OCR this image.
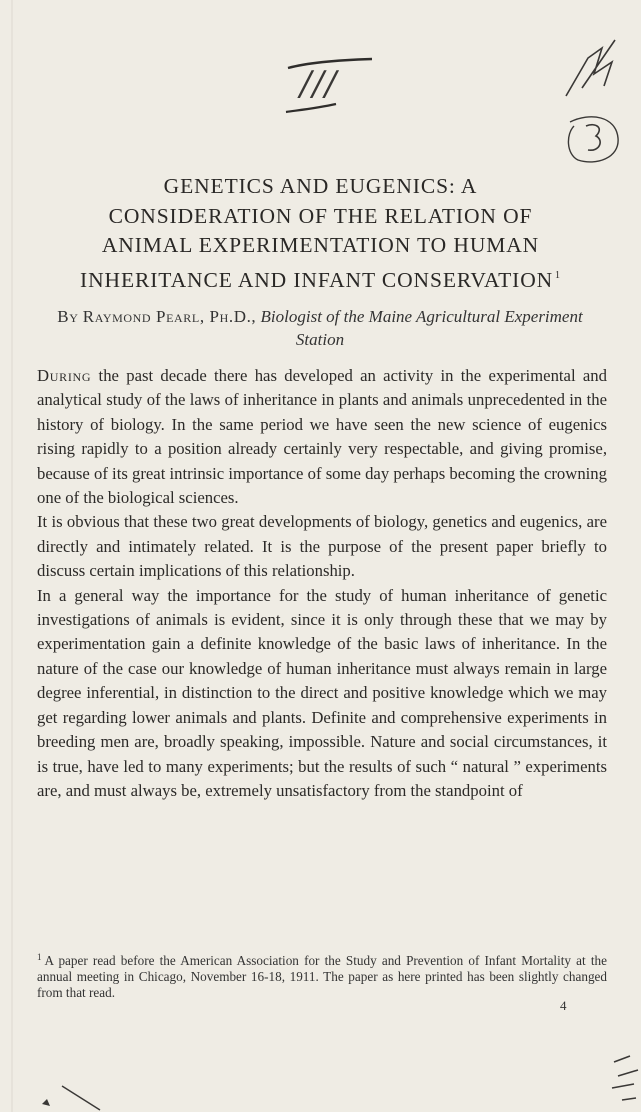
///
GENETICS AND EUGENICS: A
CONSIDERATION OF THE RELATION OF
ANIMAL EXPERIMENTATION TO HUMAN
INHERITANCE AND INFANT CONSERVATION $^1$
By Raymond Pearl, Ph.D., Biologist of the Maine Agricultural Experiment Station

During the past decade there has developed an activity in the experimental and analytical study of the laws of inheritance in plants and animals unprecedented in the history of biology. In the same period we have seen the new science of eugenics rising rapidly to a position already certainly very respectable, and giving promise, because of its great intrinsic importance of some day perhaps becoming the crowning one of the biological sciences.

It is obvious that these two great developments of biology, genetics and eugenics, are directly and intimately related. It is the purpose of the present paper briefly to discuss certain implications of this relationship.

In a general way the importance for the study of human inheritance of genetic investigations of animals is evident, since it is only through these that we may by experimentation gain a definite knowledge of the basic laws of inheritance. In the nature of the case our knowledge of human inheritance must always remain in large degree inferential, in distinction to the direct and positive knowledge which we may get regarding lower animals and plants. Definite and comprehensive experiments in breeding men are, broadly speaking, impossible. Nature and social circumstances, it is true, have led to many experiments; but the results of such “ natural ” experiments are, and must always be, extremely unsatisfactory from the standpoint of

$^1$ A paper read before the American Association for the Study and Prevention of Infant Mortality at the annual meeting in Chicago, November 16-18, 1911. The paper as here printed has been slightly changed from that read.
4
